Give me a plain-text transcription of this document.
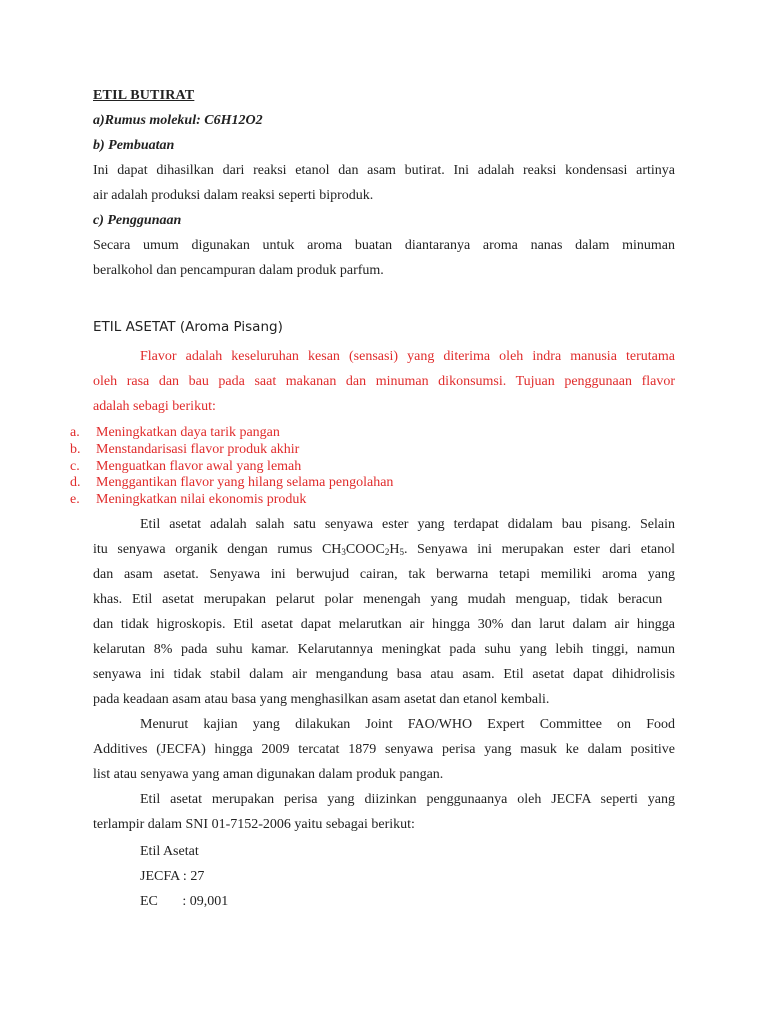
ETIL BUTIRAT
a)Rumus molekul: C6H12O2
b) Pembuatan
Ini dapat dihasilkan dari reaksi etanol dan asam butirat. Ini adalah reaksi kondensasi artinya
air adalah produksi dalam reaksi seperti biproduk.
c) Penggunaan
Secara umum digunakan untuk aroma buatan diantaranya aroma nanas dalam minuman
beralkohol dan pencampuran dalam produk parfum.
ETIL ASETAT (Aroma Pisang)
Flavor adalah keseluruhan kesan (sensasi) yang diterima oleh indra manusia terutama
oleh rasa dan bau pada saat makanan dan minuman dikonsumsi. Tujuan penggunaan flavor
adalah sebagi berikut:
a. Meningkatkan daya tarik pangan
b. Menstandarisasi flavor produk akhir
c. Menguatkan flavor awal yang lemah
d. Menggantikan flavor yang hilang selama pengolahan
e. Meningkatkan nilai ekonomis produk
Etil asetat adalah salah satu senyawa ester yang terdapat didalam bau pisang. Selain
itu senyawa organik dengan rumus $CH_3COOC_2H_5$. Senyawa ini merupakan ester dari etanol
dan asam asetat. Senyawa ini berwujud cairan, tak berwarna tetapi memiliki aroma yang
khas. Etil asetat merupakan pelarut polar menengah yang mudah menguap, tidak beracun
dan tidak higroskopis. Etil asetat dapat melarutkan air hingga 30% dan larut dalam air hingga
kelarutan 8% pada suhu kamar. Kelarutannya meningkat pada suhu yang lebih tinggi, namun
senyawa ini tidak stabil dalam air mengandung basa atau asam. Etil asetat dapat dihidrolisis
pada keadaan asam atau basa yang menghasilkan asam asetat dan etanol kembali.
Menurut kajian yang dilakukan Joint FAO/WHO Expert Committee on Food
Additives (JECFA) hingga 2009 tercatat 1879 senyawa perisa yang masuk ke dalam positive
list atau senyawa yang aman digunakan dalam produk pangan.
Etil asetat merupakan perisa yang diizinkan penggunaanya oleh JECFA seperti yang
terlampir dalam SNI 01-7152-2006 yaitu sebagai berikut:
Etil Asetat
JECFA : 27
EC       : 09,001
